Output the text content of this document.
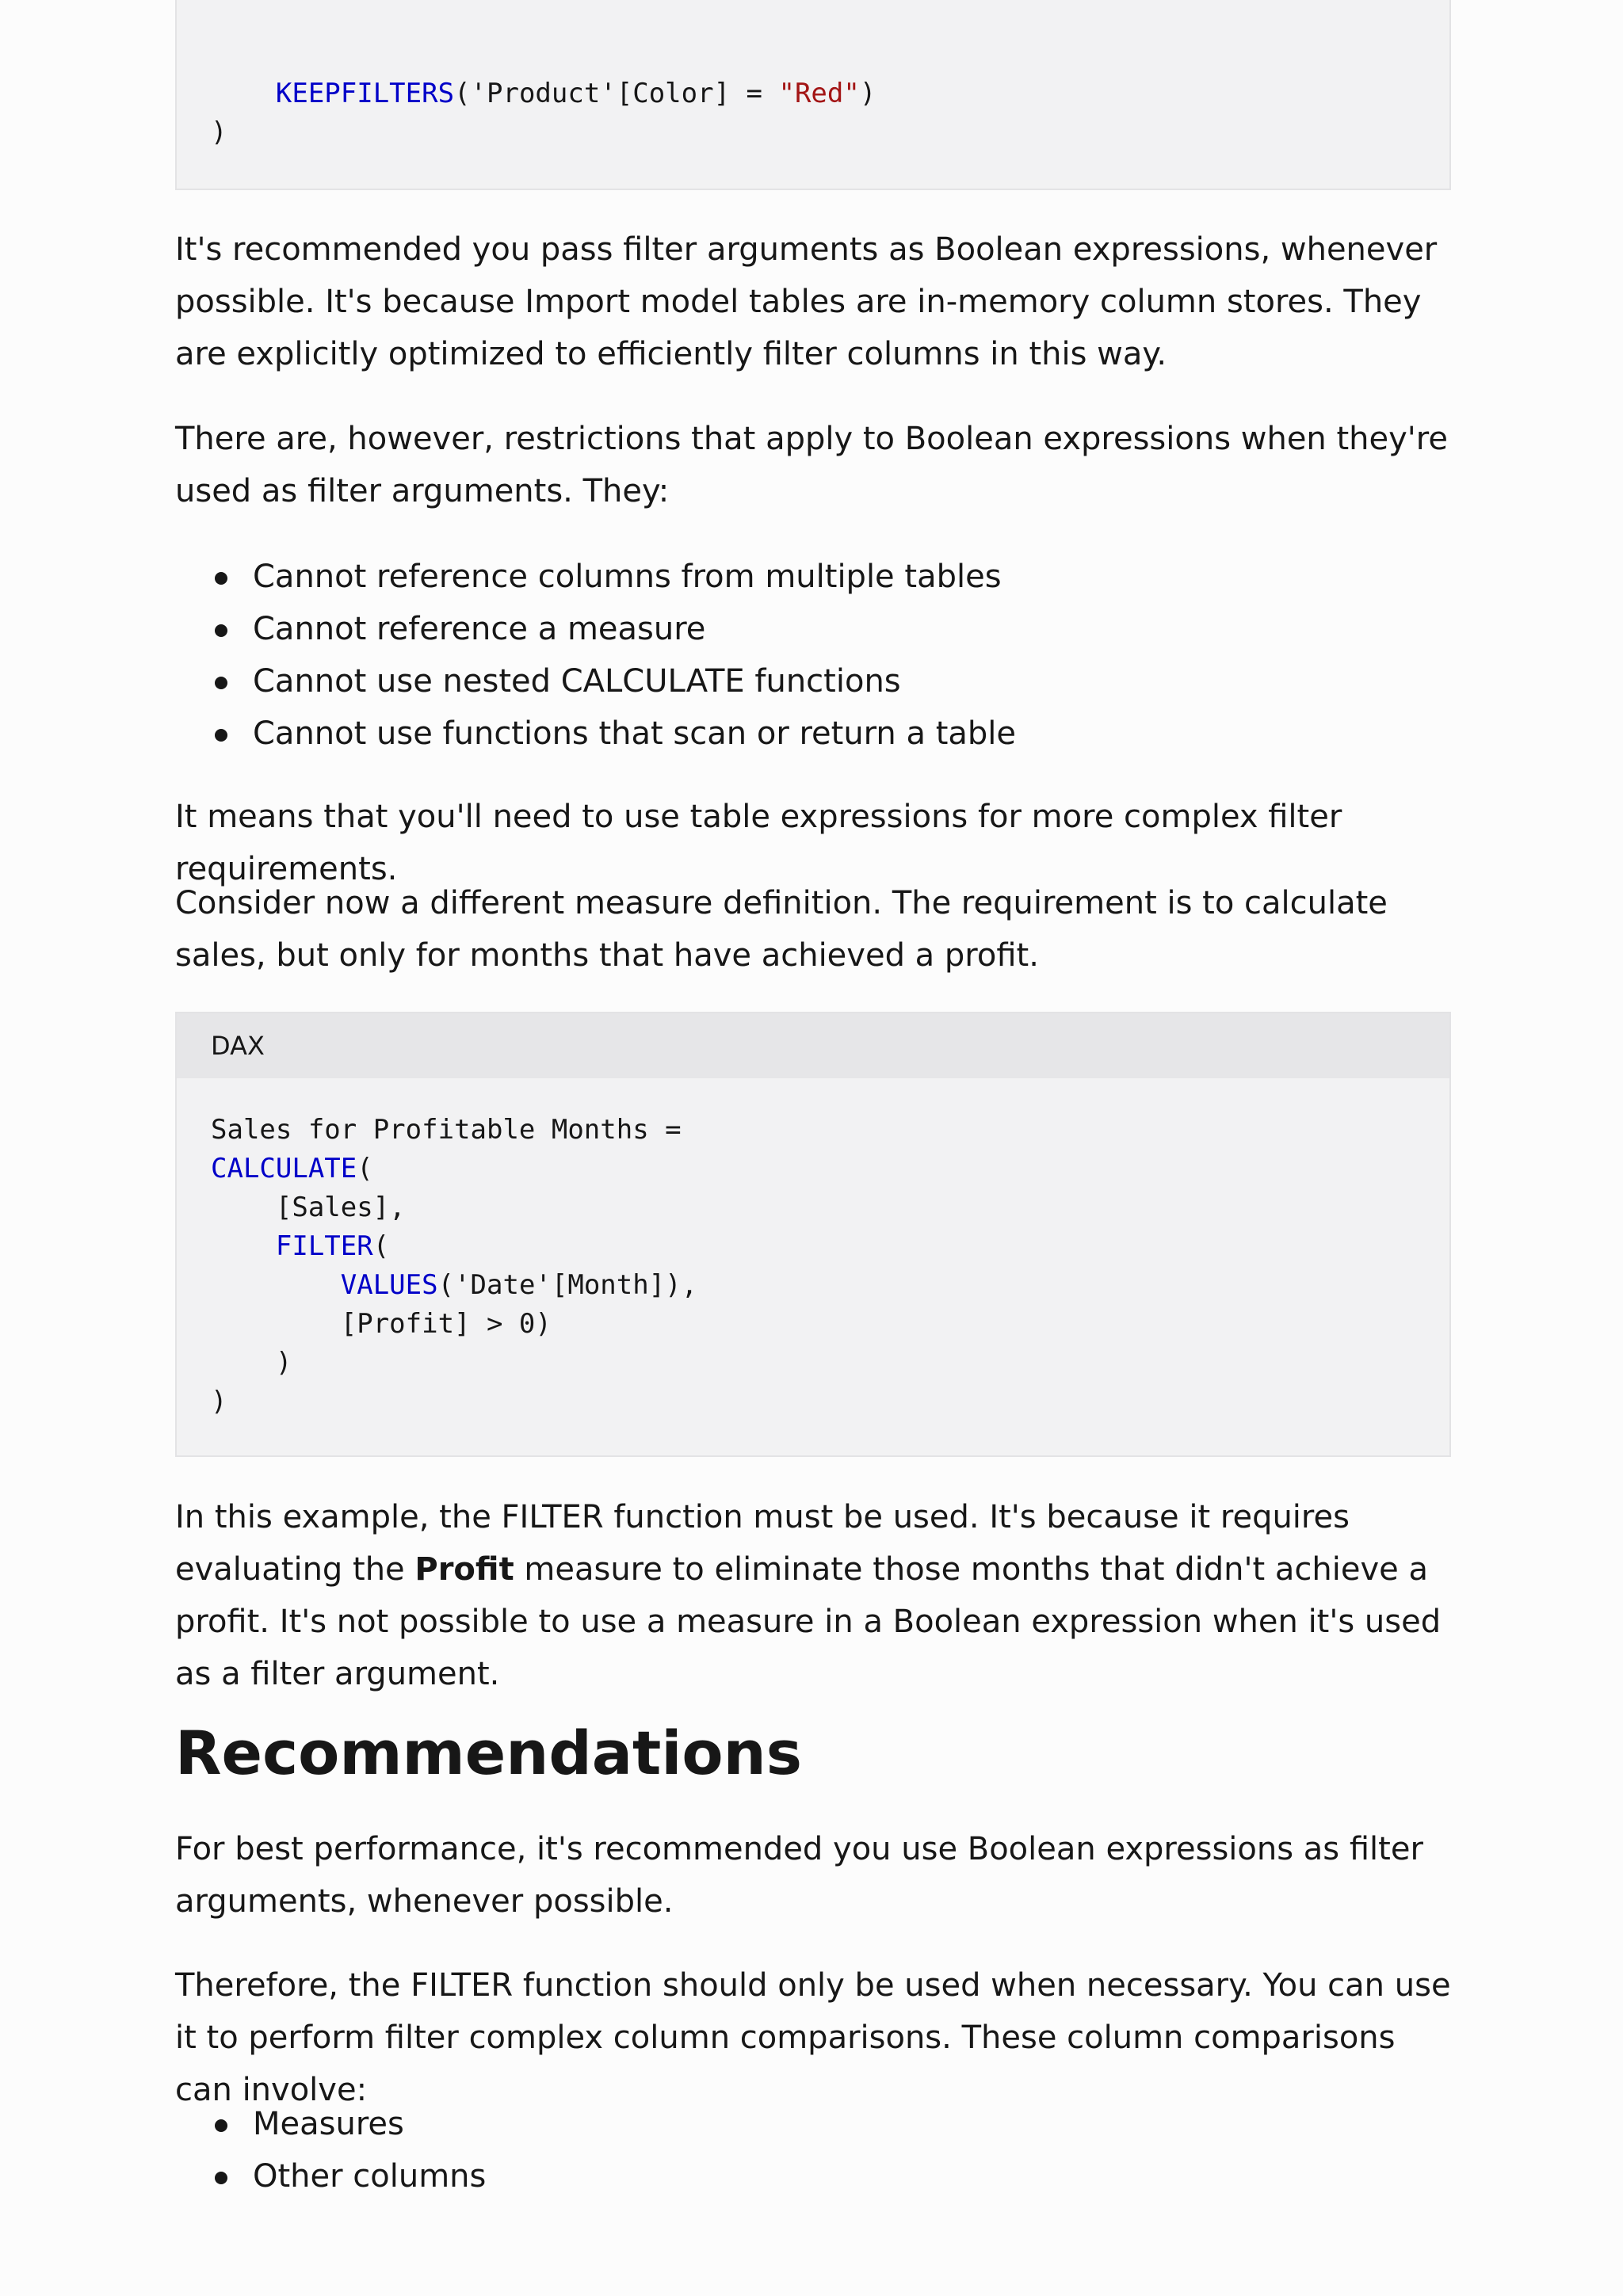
KEEPFILTERS('Product'[Color] = "Red")
)

It's recommended you pass filter arguments as Boolean expressions, whenever possible. It's because Import model tables are in-memory column stores. They are explicitly optimized to efficiently filter columns in this way.

There are, however, restrictions that apply to Boolean expressions when they're used as filter arguments. They:

Cannot reference columns from multiple tables
Cannot reference a measure
Cannot use nested CALCULATE functions
Cannot use functions that scan or return a table

It means that you'll need to use table expressions for more complex filter requirements.

Consider now a different measure definition. The requirement is to calculate sales, but only for months that have achieved a profit.

DAX
Sales for Profitable Months =
CALCULATE(
[Sales],
FILTER(
VALUES('Date'[Month]),
[Profit] > 0)
)
)

In this example, the FILTER function must be used. It's because it requires evaluating the Profit measure to eliminate those months that didn't achieve a profit. It's not possible to use a measure in a Boolean expression when it's used as a filter argument.

Recommendations

For best performance, it's recommended you use Boolean expressions as filter arguments, whenever possible.

Therefore, the FILTER function should only be used when necessary. You can use it to perform filter complex column comparisons. These column comparisons can involve:

Measures
Other columns
